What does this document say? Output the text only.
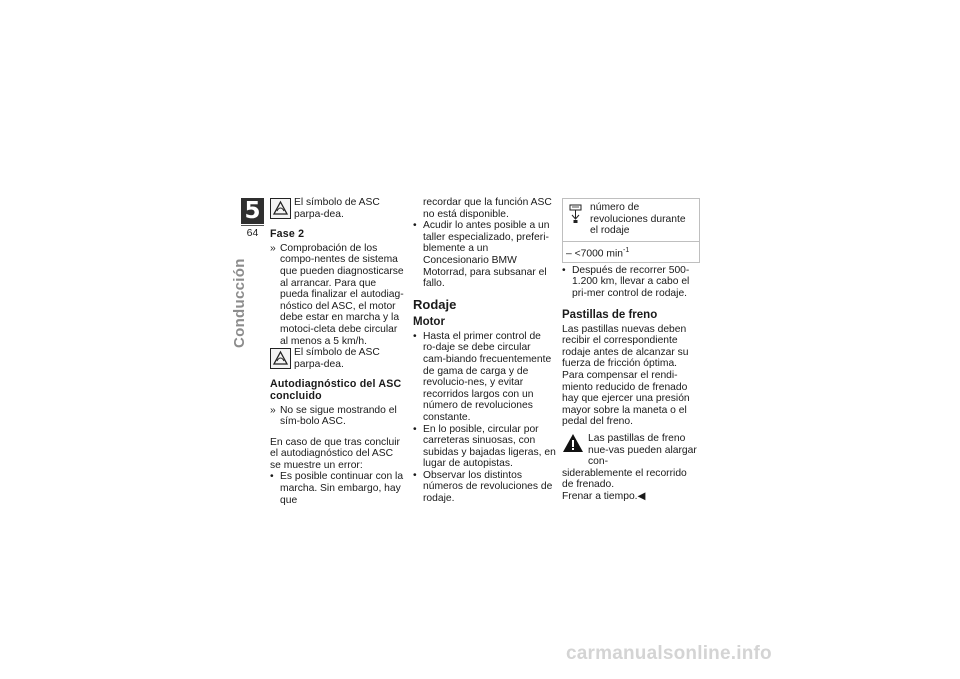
5
64
Conducción

El símbolo de ASC parpa-dea.

Fase 2

» Comprobación de los compo-nentes de sistema que pueden diagnosticarse al arrancar. Para que pueda finalizar el autodiag-nóstico del ASC, el motor debe estar en marcha y la motoci-cleta debe circular al menos a 5 km/h.

El símbolo de ASC parpa-dea.

Autodiagnóstico del ASC concluido

» No se sigue mostrando el sím-bolo ASC.

En caso de que tras concluir el autodiagnóstico del ASC se muestre un error:

• Es posible continuar con la marcha. Sin embargo, hay que
recordar que la función ASC no está disponible.
• Acudir lo antes posible a un taller especializado, preferi-blemente a un Concesionario BMW Motorrad, para subsanar el fallo.

Rodaje

Motor

• Hasta el primer control de ro-daje se debe circular cam-biando frecuentemente de gama de carga y de revolucio-nes, y evitar recorridos largos con un número de revoluciones constante.
• En lo posible, circular por carreteras sinuosas, con subidas y bajadas ligeras, en lugar de autopistas.
• Observar los distintos números de revoluciones de rodaje.
número de revoluciones durante el rodaje
– <7000 $\min^{-1}$
• Después de recorrer 500-1.200 km, llevar a cabo el pri-mer control de rodaje.

Pastillas de freno

Las pastillas nuevas deben recibir el correspondiente rodaje antes de alcanzar su fuerza de fricción óptima. Para compensar el rendi-miento reducido de frenado hay que ejercer una presión mayor sobre la maneta o el pedal del freno.

Las pastillas de freno nue-vas pueden alargar con-

siderablemente el recorrido de frenado.

Frenar a tiempo.◀

carmanualsonline.info
